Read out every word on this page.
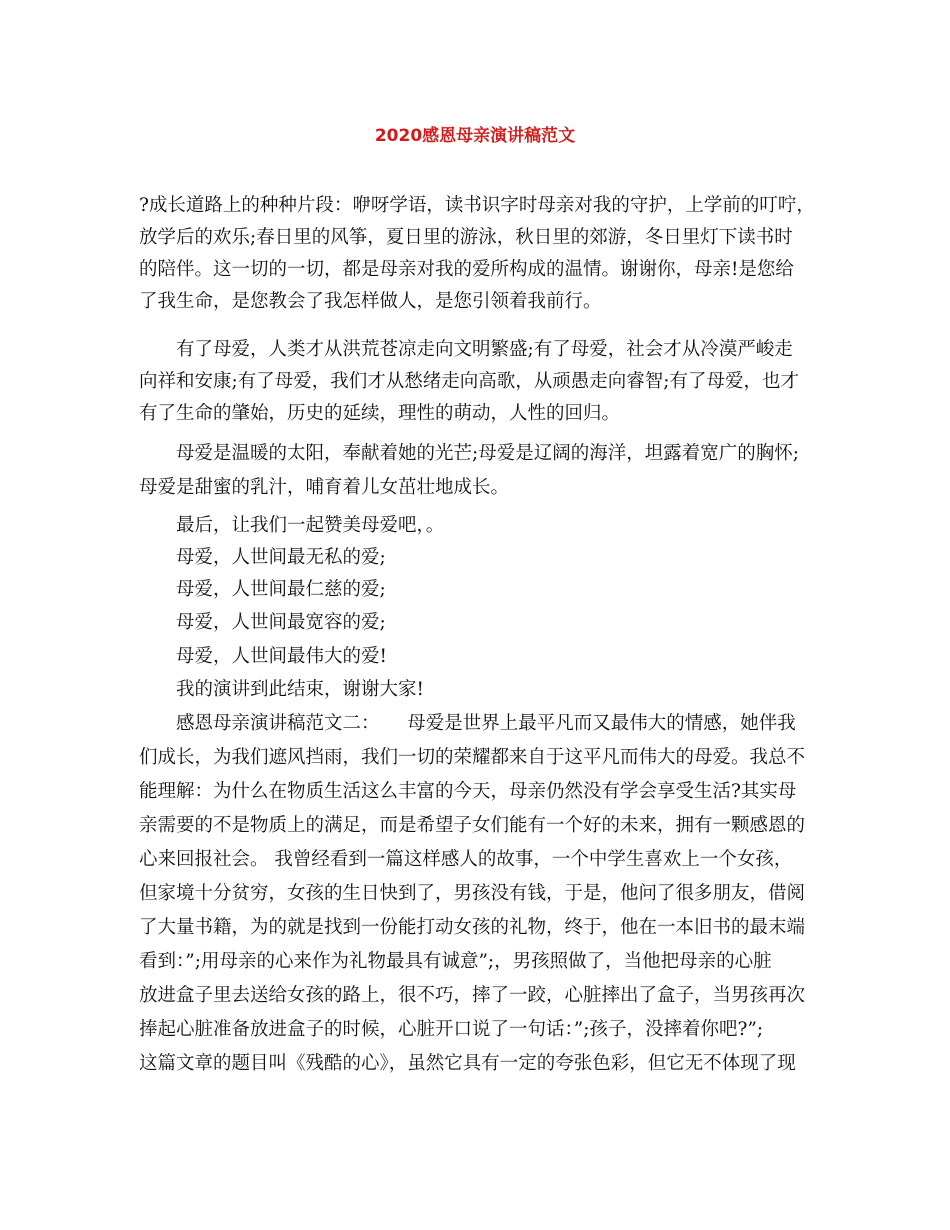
2020感恩母亲演讲稿范文
?成长道路上的种种片段：咿呀学语，读书识字时母亲对我的守护，上学前的叮咛，
放学后的欢乐;春日里的风筝，夏日里的游泳，秋日里的郊游，冬日里灯下读书时
的陪伴。这一切的一切，都是母亲对我的爱所构成的温情。谢谢你，母亲!是您给
了我生命，是您教会了我怎样做人，是您引领着我前行。
有了母爱，人类才从洪荒苍凉走向文明繁盛;有了母爱，社会才从冷漠严峻走
向祥和安康;有了母爱，我们才从愁绪走向高歌，从顽愚走向睿智;有了母爱，也才
有了生命的肇始，历史的延续，理性的萌动，人性的回归。
母爱是温暖的太阳，奉献着她的光芒;母爱是辽阔的海洋，坦露着宽广的胸怀;
母爱是甜蜜的乳汁，哺育着儿女茁壮地成长。
最后，让我们一起赞美母爱吧，。
母爱，人世间最无私的爱;
母爱，人世间最仁慈的爱;
母爱，人世间最宽容的爱;
母爱，人世间最伟大的爱!
我的演讲到此结束，谢谢大家!
感恩母亲演讲稿范文二：　　母爱是世界上最平凡而又最伟大的情感，她伴我
们成长，为我们遮风挡雨，我们一切的荣耀都来自于这平凡而伟大的母爱。我总不
能理解：为什么在物质生活这么丰富的今天，母亲仍然没有学会享受生活?其实母
亲需要的不是物质上的满足，而是希望子女们能有一个好的未来，拥有一颗感恩的
心来回报社会。 我曾经看到一篇这样感人的故事，一个中学生喜欢上一个女孩，
但家境十分贫穷，女孩的生日快到了，男孩没有钱，于是，他问了很多朋友，借阅
了大量书籍，为的就是找到一份能打动女孩的礼物，终于，他在一本旧书的最末端
看到：”;用母亲的心来作为礼物最具有诚意”;，男孩照做了，当他把母亲的心脏
放进盒子里去送给女孩的路上，很不巧，摔了一跤，心脏摔出了盒子，当男孩再次
捧起心脏准备放进盒子的时候，心脏开口说了一句话：”;孩子，没摔着你吧?”;
这篇文章的题目叫《残酷的心》，虽然它具有一定的夸张色彩，但它无不体现了现
